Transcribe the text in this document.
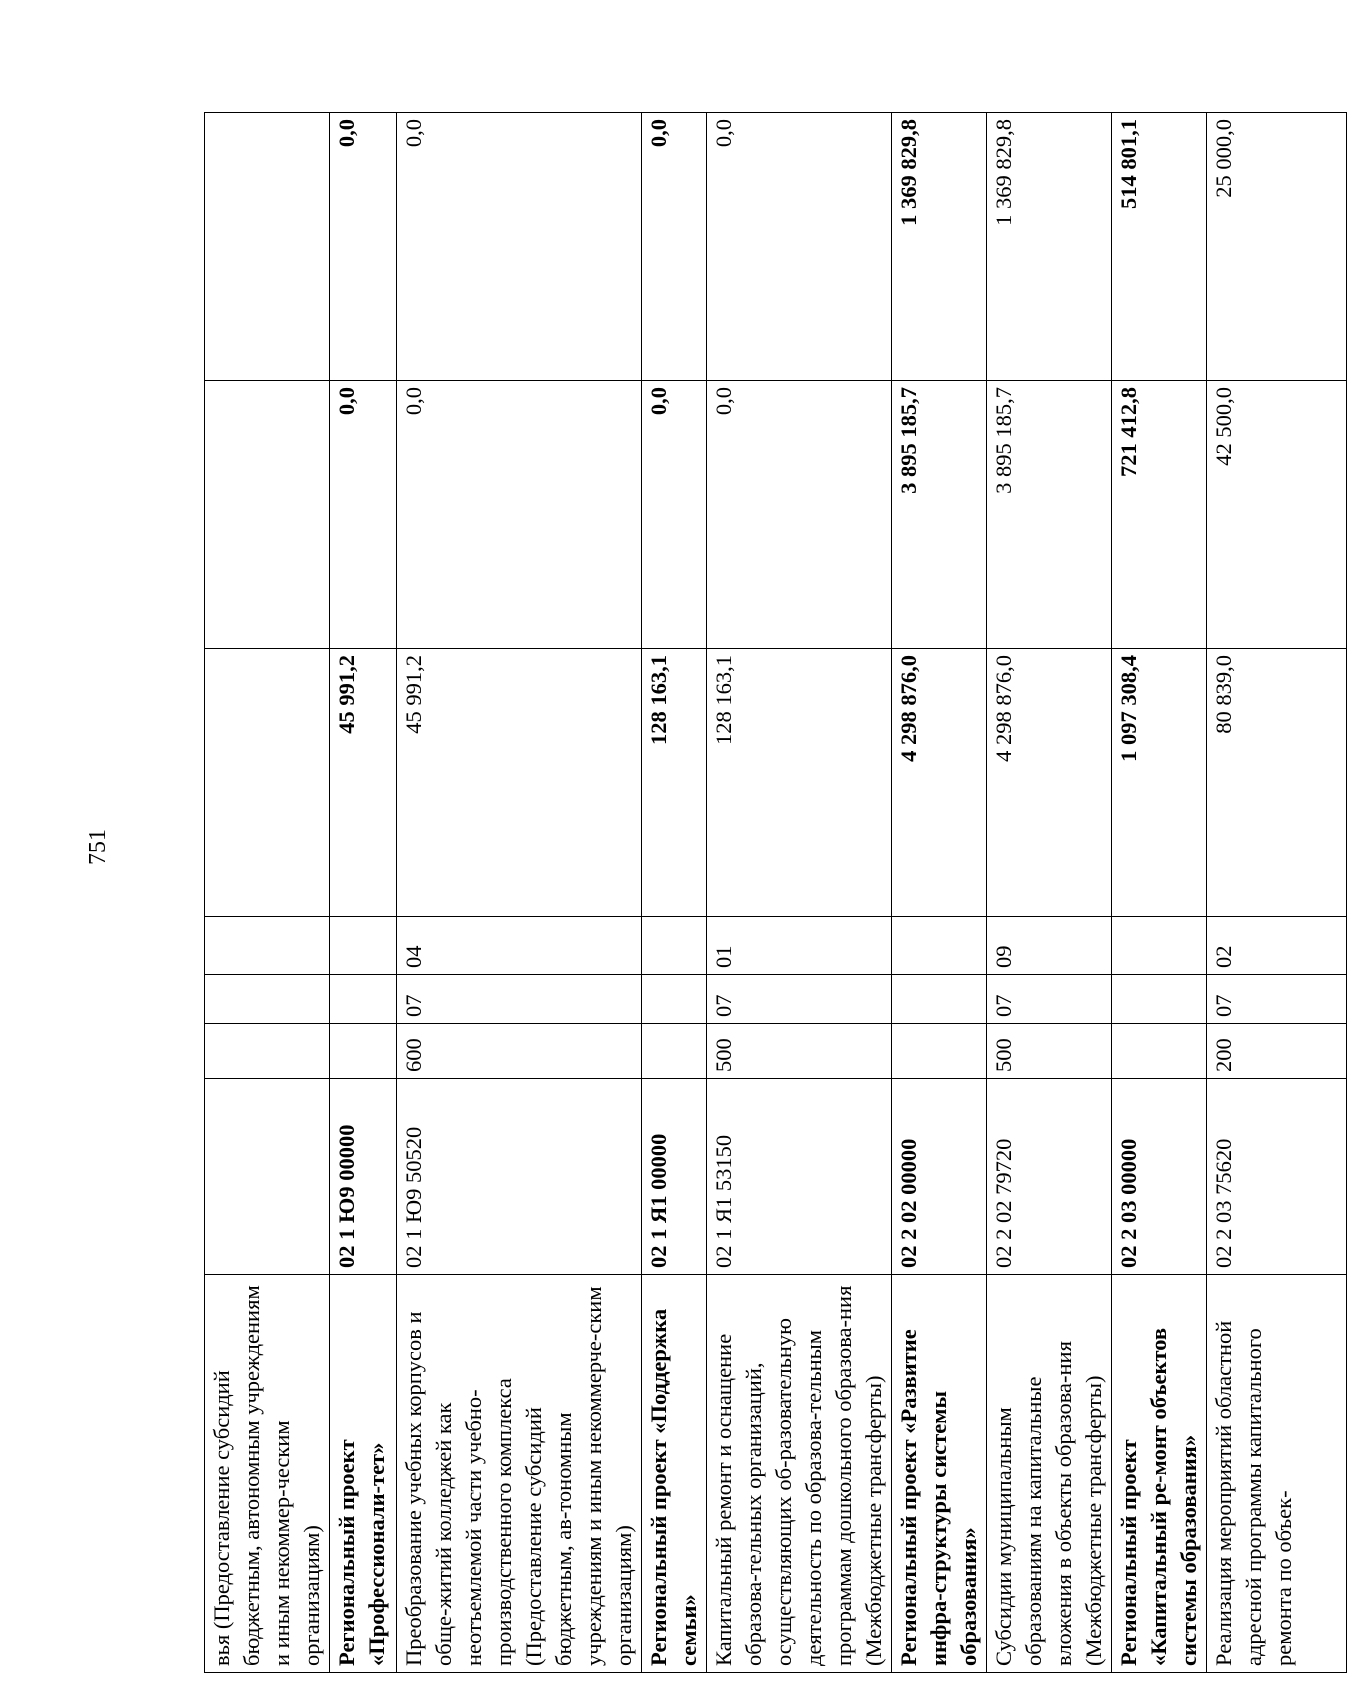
751
вья (Предоставление субсидий бюджетным, автономным учреждениям и иным некоммер-ческим организациям)							
Региональный проект «Профессионали-тет»	02 1 Ю9 00000				45 991,2	0,0	0,0
Преобразование учебных корпусов и обще-житий колледжей как неотъемлемой части учебно-производственного комплекса (Предоставление субсидий бюджетным, ав-тономным учреждениям и иным некоммерче-ским организациям)	02 1 Ю9 50520	600	07	04	45 991,2	0,0	0,0
Региональный проект «Поддержка семьи»	02 1 Я1 00000				128 163,1	0,0	0,0
Капитальный ремонт и оснащение образова-тельных организаций, осуществляющих об-разовательную деятельность по образова-тельным программам дошкольного образова-ния (Межбюджетные трансферты)	02 1 Я1 53150	500	07	01	128 163,1	0,0	0,0
Региональный проект «Развитие инфра-структуры системы образования»	02 2 02 00000				4 298 876,0	3 895 185,7	1 369 829,8
Субсидии муниципальным образованиям на капитальные вложения в объекты образова-ния (Межбюджетные трансферты)	02 2 02 79720	500	07	09	4 298 876,0	3 895 185,7	1 369 829,8
Региональный проект «Капитальный ре-монт объектов системы образования»	02 2 03 00000				1 097 308,4	721 412,8	514 801,1
Реализация мероприятий областной адресной программы капитального ремонта по объек-	02 2 03 75620	200	07	02	80 839,0	42 500,0	25 000,0
